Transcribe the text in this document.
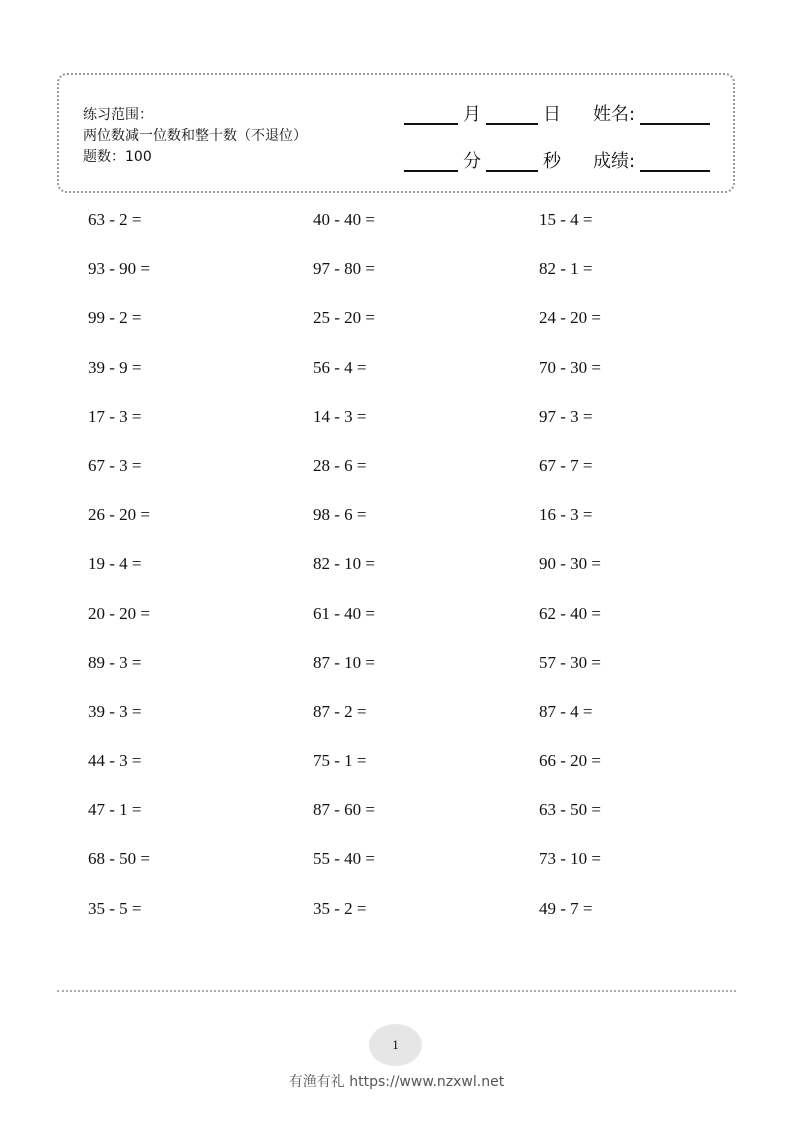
练习范围：
两位数减一位数和整十数（不退位）
题数：100
月	日 姓名:
分	秒 成绩:
63 - 2 =	40 - 40 =	15 - 4 =
93 - 90 =	97 - 80 =	82 - 1 =
99 - 2 =	25 - 20 =	24 - 20 =
39 - 9 =	56 - 4 =	70 - 30 =
17 - 3 =	14 - 3 =	97 - 3 =
67 - 3 =	28 - 6 =	67 - 7 =
26 - 20 =	98 - 6 =	16 - 3 =
19 - 4 =	82 - 10 =	90 - 30 =
20 - 20 =	61 - 40 =	62 - 40 =
89 - 3 =	87 - 10 =	57 - 30 =
39 - 3 =	87 - 2 =	87 - 4 =
44 - 3 =	75 - 1 =	66 - 20 =
47 - 1 =	87 - 60 =	63 - 50 =
68 - 50 =	55 - 40 =	73 - 10 =
35 - 5 =	35 - 2 =	49 - 7 =
1
有渔有礼 https://www.nzxwl.net
